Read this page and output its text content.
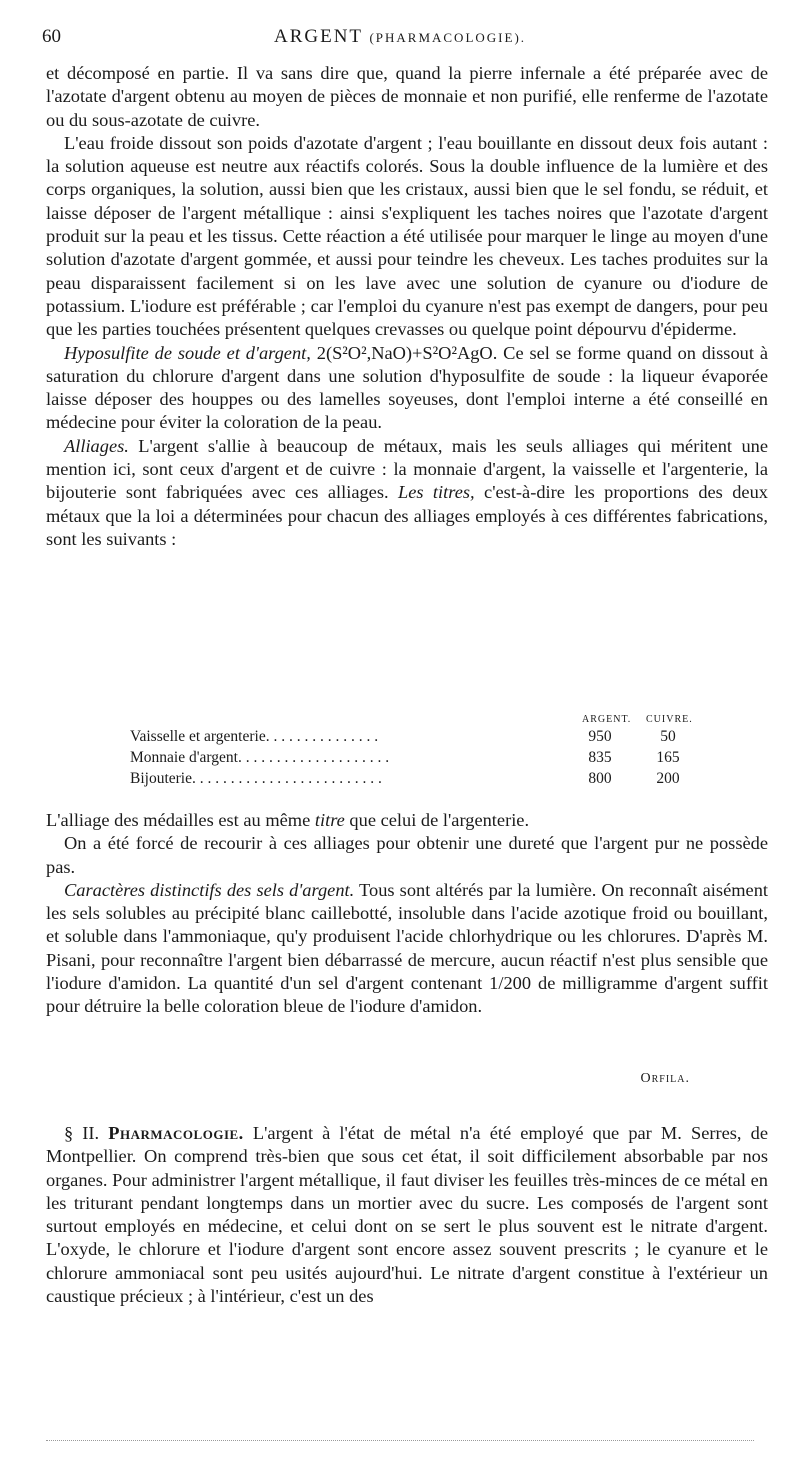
60	ARGENT (PHARMACOLOGIE).

et décomposé en partie. Il va sans dire que, quand la pierre infernale a été préparée avec de l'azotate d'argent obtenu au moyen de pièces de monnaie et non purifié, elle renferme de l'azotate ou du sous-azotate de cuivre.

L'eau froide dissout son poids d'azotate d'argent ; l'eau bouillante en dissout deux fois autant : la solution aqueuse est neutre aux réactifs colorés. Sous la double influence de la lumière et des corps organiques, la solution, aussi bien que les cristaux, aussi bien que le sel fondu, se réduit, et laisse déposer de l'argent métallique : ainsi s'expliquent les taches noires que l'azotate d'argent produit sur la peau et les tissus. Cette réaction a été utilisée pour marquer le linge au moyen d'une solution d'azotate d'argent gommée, et aussi pour teindre les cheveux. Les taches produites sur la peau disparaissent facilement si on les lave avec une solution de cyanure ou d'iodure de potassium. L'iodure est préférable ; car l'emploi du cyanure n'est pas exempt de dangers, pour peu que les parties touchées présentent quelques crevasses ou quelque point dépourvu d'épiderme.

Hyposulfite de soude et d'argent, 2(S²O²,NaO)+S²O²AgO. Ce sel se forme quand on dissout à saturation du chlorure d'argent dans une solution d'hyposulfite de soude : la liqueur évaporée laisse déposer des houppes ou des lamelles soyeuses, dont l'emploi interne a été conseillé en médecine pour éviter la coloration de la peau.

Alliages. L'argent s'allie à beaucoup de métaux, mais les seuls alliages qui méritent une mention ici, sont ceux d'argent et de cuivre : la monnaie d'argent, la vaisselle et l'argenterie, la bijouterie sont fabriquées avec ces alliages. Les titres, c'est-à-dire les proportions des deux métaux que la loi a déterminées pour chacun des alliages employés à ces différentes fabrications, sont les suivants :

ARGENT. CUIVRE.
Vaisselle et argenterie. . . . . . . . . . . . . . .	950	50
Monnaie d'argent. . . . . . . . . . . . . . . . . . . .	835	165
Bijouterie. . . . . . . . . . . . . . . . . . . . . . . . .	800	200

L'alliage des médailles est au même titre que celui de l'argenterie.

On a été forcé de recourir à ces alliages pour obtenir une dureté que l'argent pur ne possède pas.

Caractères distinctifs des sels d'argent. Tous sont altérés par la lumière. On reconnaît aisément les sels solubles au précipité blanc caillebotté, insoluble dans l'acide azotique froid ou bouillant, et soluble dans l'ammoniaque, qu'y produisent l'acide chlorhydrique ou les chlorures. D'après M. Pisani, pour reconnaître l'argent bien débarrassé de mercure, aucun réactif n'est plus sensible que l'iodure d'amidon. La quantité d'un sel d'argent contenant 1/200 de milligramme d'argent suffit pour détruire la belle coloration bleue de l'iodure d'amidon.

Orfila.

§ II. Pharmacologie. L'argent à l'état de métal n'a été employé que par M. Serres, de Montpellier. On comprend très-bien que sous cet état, il soit difficilement absorbable par nos organes. Pour administrer l'argent métallique, il faut diviser les feuilles très-minces de ce métal en les triturant pendant longtemps dans un mortier avec du sucre. Les composés de l'argent sont surtout employés en médecine, et celui dont on se sert le plus souvent est le nitrate d'argent. L'oxyde, le chlorure et l'iodure d'argent sont encore assez souvent prescrits ; le cyanure et le chlorure ammoniacal sont peu usités aujourd'hui. Le nitrate d'argent constitue à l'extérieur un caustique précieux ; à l'intérieur, c'est un des
